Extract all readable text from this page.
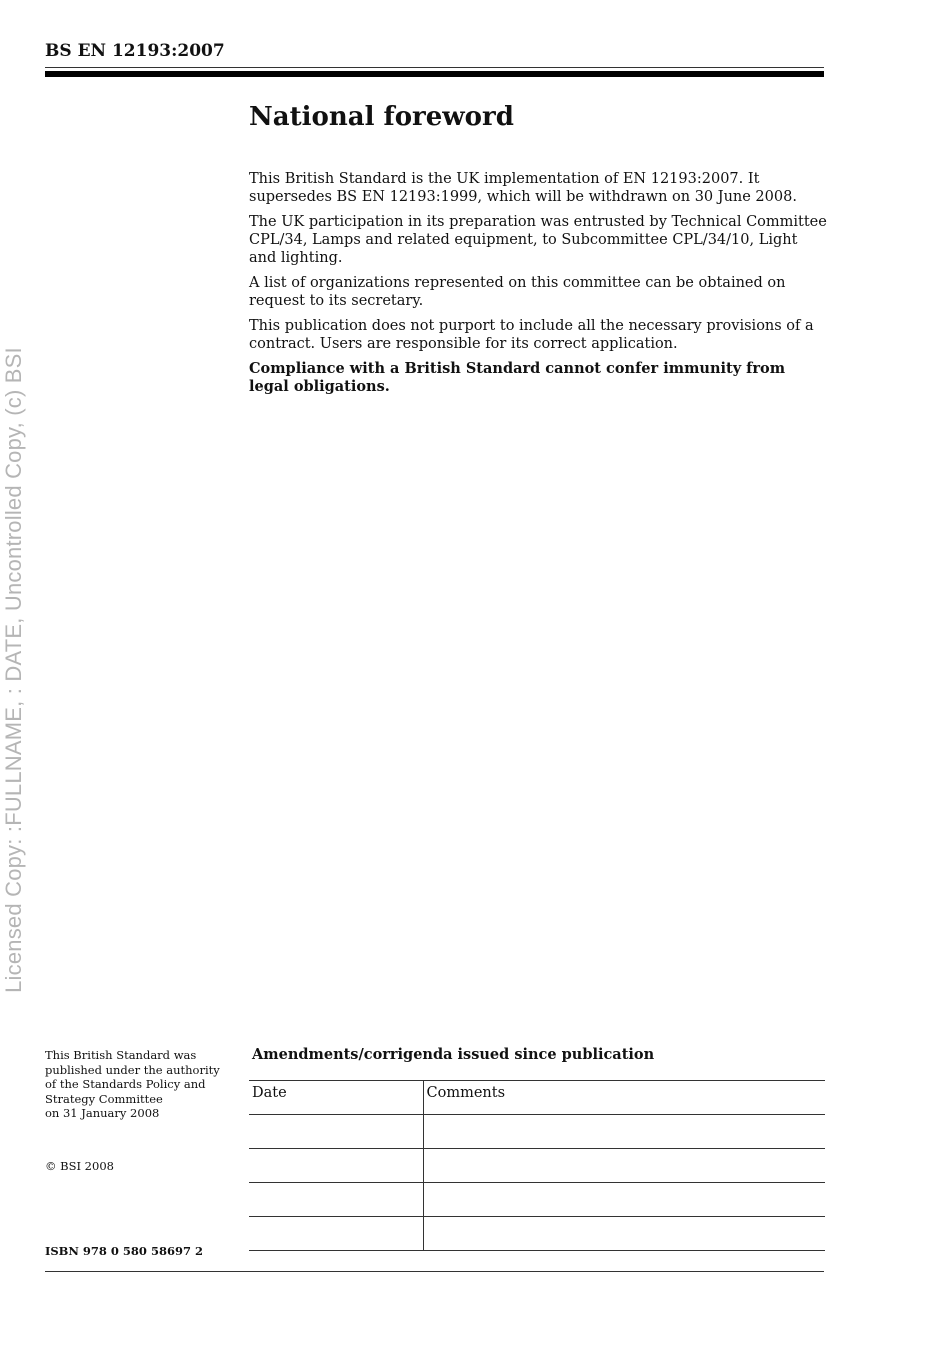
Licensed Copy: :FULLNAME, : DATE, Uncontrolled Copy, (c) BSI
BS EN 12193:2007
National foreword

This British Standard is the UK implementation of EN 12193:2007. It supersedes BS EN 12193:1999, which will be withdrawn on 30 June 2008.

The UK participation in its preparation was entrusted by Technical Committee CPL/34, Lamps and related equipment, to Subcommittee CPL/34/10, Light and lighting.

A list of organizations represented on this committee can be obtained on request to its secretary.

This publication does not purport to include all the necessary provisions of a contract. Users are responsible for its correct application.

Compliance with a British Standard cannot confer immunity from legal obligations.

This British Standard was
published under the authority
of the Standards Policy and
Strategy Committee
on 31 January 2008
© BSI 2008
ISBN 978 0 580 58697 2
Amendments/corrigenda issued since publication
Date	Comments
